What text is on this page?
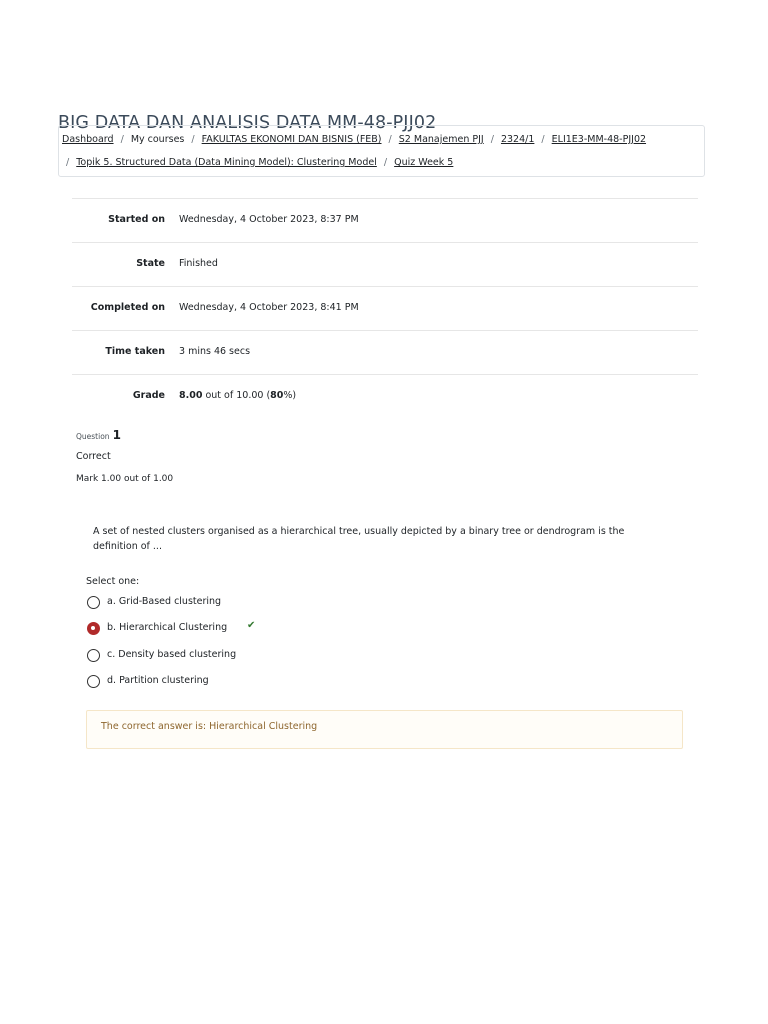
BIG DATA DAN ANALISIS DATA MM-48-PJJ02
Dashboard / My courses / FAKULTAS EKONOMI DAN BISNIS (FEB) / S2 Manajemen PJJ / 2324/1 / ELI1E3-MM-48-PJJ02
/ Topik 5. Structured Data (Data Mining Model): Clustering Model / Quiz Week 5
Started on Wednesday, 4 October 2023, 8:37 PM
State Finished
Completed on Wednesday, 4 October 2023, 8:41 PM
Time taken 3 mins 46 secs
Grade 8.00 out of 10.00 (80%)
Question 1
Correct
Mark 1.00 out of 1.00
A set of nested clusters organised as a hierarchical tree, usually depicted by a binary tree or dendrogram is the definition of ...
Select one:
a. Grid-Based clustering
b. Hierarchical Clustering ✔
c. Density based clustering
d. Partition clustering
The correct answer is: Hierarchical Clustering
